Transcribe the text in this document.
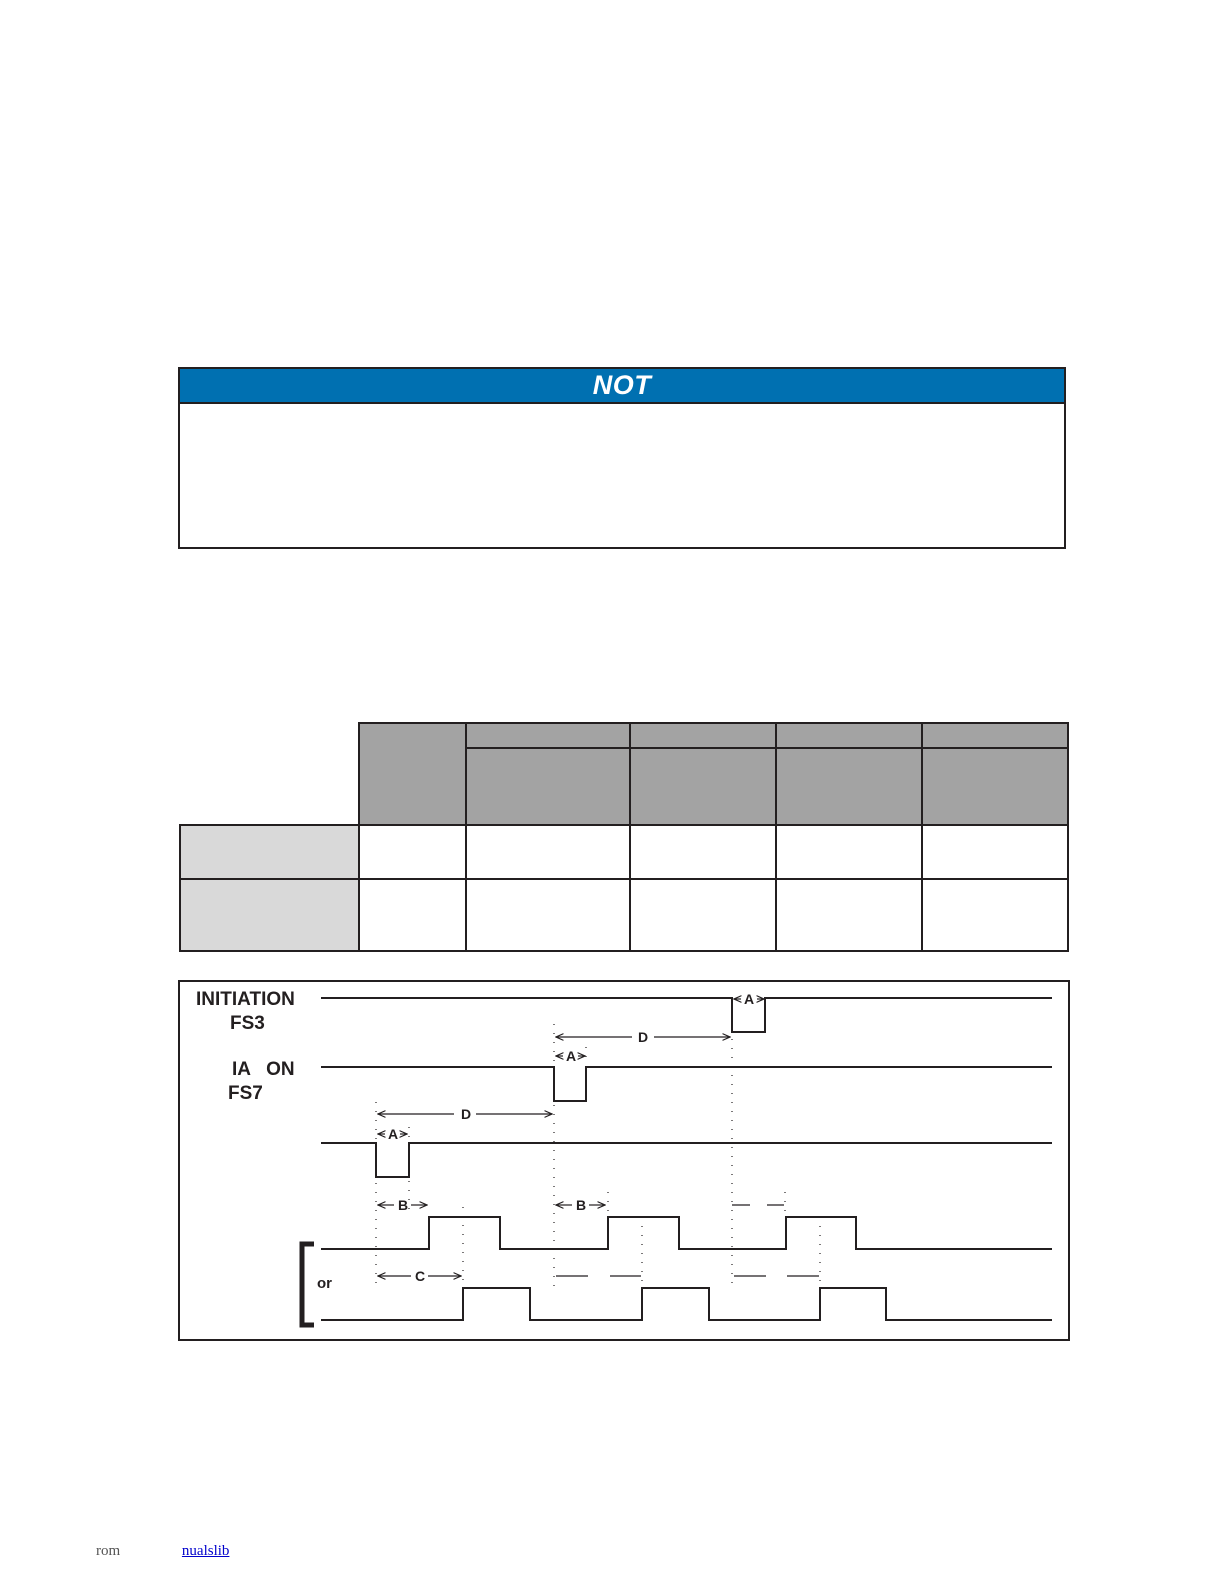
NOT

INITIATION
FS3
IA   ON
FS7
or
A
D
A
D
A
B	B
C
rom	nualslib
